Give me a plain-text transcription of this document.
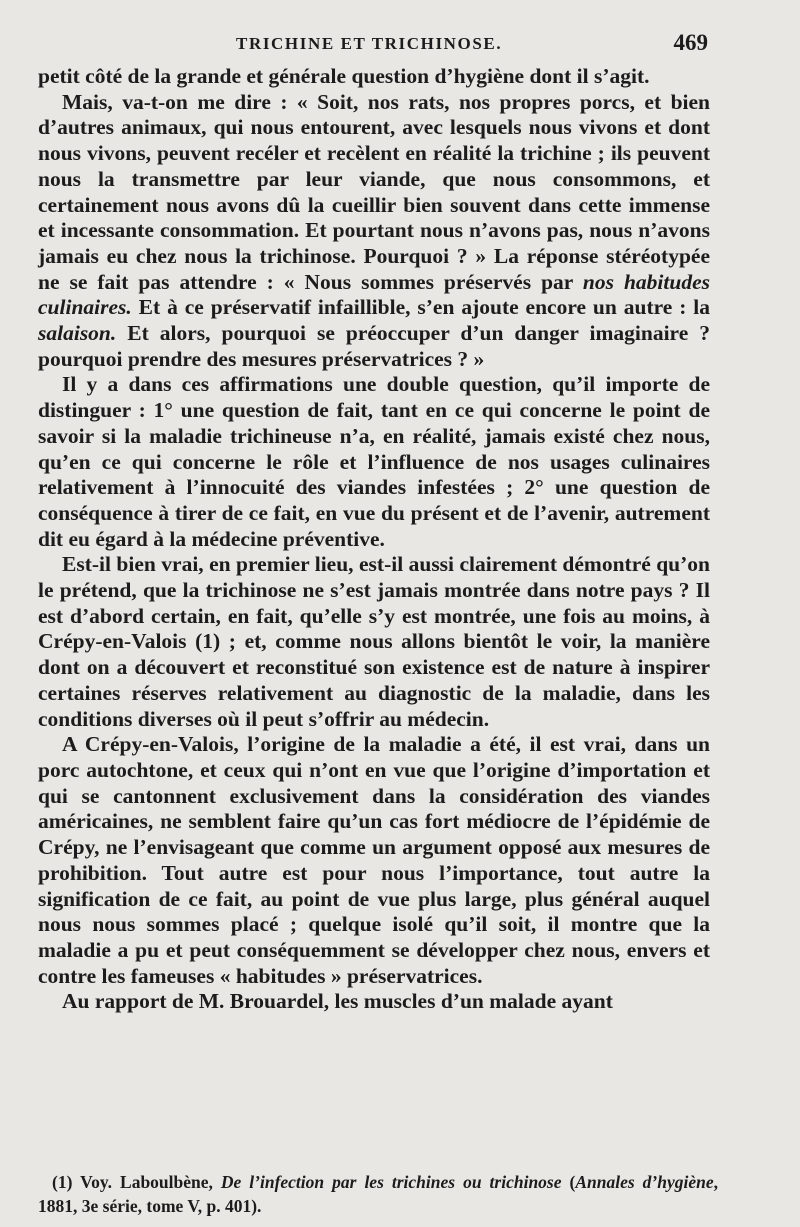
TRICHINE ET TRICHINOSE.	469

petit côté de la grande et générale question d’hygiène dont il s’agit.

Mais, va-t-on me dire : « Soit, nos rats, nos propres porcs, et bien d’autres animaux, qui nous entourent, avec lesquels nous vivons et dont nous vivons, peuvent recéler et recèlent en réalité la trichine ; ils peuvent nous la transmettre par leur viande, que nous consommons, et certainement nous avons dû la cueillir bien souvent dans cette immense et incessante consommation. Et pourtant nous n’avons pas, nous n’avons jamais eu chez nous la trichinose. Pourquoi ? » La réponse stéréotypée ne se fait pas attendre : « Nous sommes préservés par nos habitudes culinaires. Et à ce préservatif infaillible, s’en ajoute encore un autre : la salaison. Et alors, pourquoi se préoccuper d’un danger imaginaire ? pourquoi prendre des mesures préservatrices ? »

Il y a dans ces affirmations une double question, qu’il importe de distinguer : 1° une question de fait, tant en ce qui concerne le point de savoir si la maladie trichineuse n’a, en réalité, jamais existé chez nous, qu’en ce qui concerne le rôle et l’influence de nos usages culinaires relativement à l’innocuité des viandes infestées ; 2° une question de conséquence à tirer de ce fait, en vue du présent et de l’avenir, autrement dit eu égard à la médecine préventive.

Est-il bien vrai, en premier lieu, est-il aussi clairement démontré qu’on le prétend, que la trichinose ne s’est jamais montrée dans notre pays ? Il est d’abord certain, en fait, qu’elle s’y est montrée, une fois au moins, à Crépy-en-Valois (1) ; et, comme nous allons bientôt le voir, la manière dont on a découvert et reconstitué son existence est de nature à inspirer certaines réserves relativement au diagnostic de la maladie, dans les conditions diverses où il peut s’offrir au médecin.

A Crépy-en-Valois, l’origine de la maladie a été, il est vrai, dans un porc autochtone, et ceux qui n’ont en vue que l’origine d’importation et qui se cantonnent exclusivement dans la considération des viandes américaines, ne semblent faire qu’un cas fort médiocre de l’épidémie de Crépy, ne l’envisageant que comme un argument opposé aux mesures de prohibition. Tout autre est pour nous l’importance, tout autre la signification de ce fait, au point de vue plus large, plus général auquel nous nous sommes placé ; quelque isolé qu’il soit, il montre que la maladie a pu et peut conséquemment se développer chez nous, envers et contre les fameuses « habitudes » préservatrices.

Au rapport de M. Brouardel, les muscles d’un malade ayant

(1) Voy. Laboulbène, De l’infection par les trichines ou trichinose (Annales d’hygiène, 1881, 3e série, tome V, p. 401).
